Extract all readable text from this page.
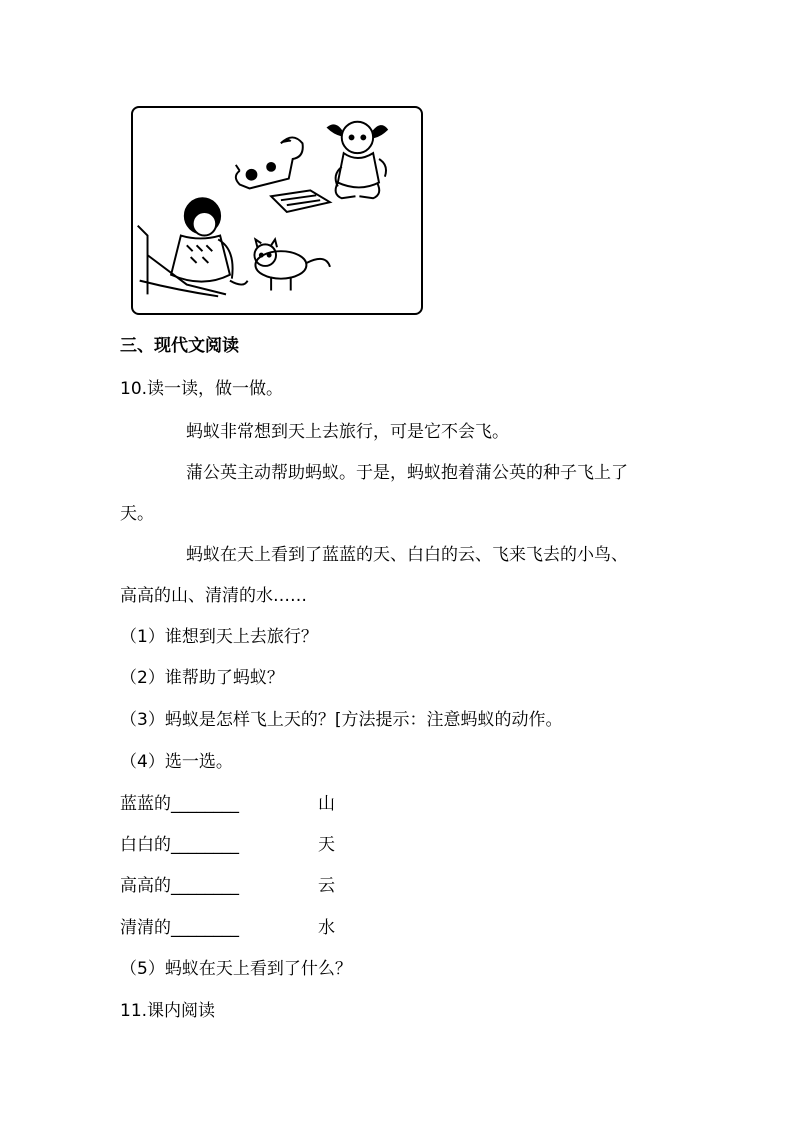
三、现代文阅读
10.读一读，做一做。
蚂蚁非常想到天上去旅行，可是它不会飞。
蒲公英主动帮助蚂蚁。于是，蚂蚁抱着蒲公英的种子飞上了
天。
蚂蚁在天上看到了蓝蓝的天、白白的云、飞来飞去的小鸟、
高高的山、清清的水……
（1）谁想到天上去旅行？
（2）谁帮助了蚂蚁？
（3）蚂蚁是怎样飞上天的？[方法提示：注意蚂蚁的动作。
（4）选一选。
蓝蓝的________	山
白白的________	天
高高的________	云
清清的________	水
（5）蚂蚁在天上看到了什么？
11.课内阅读
